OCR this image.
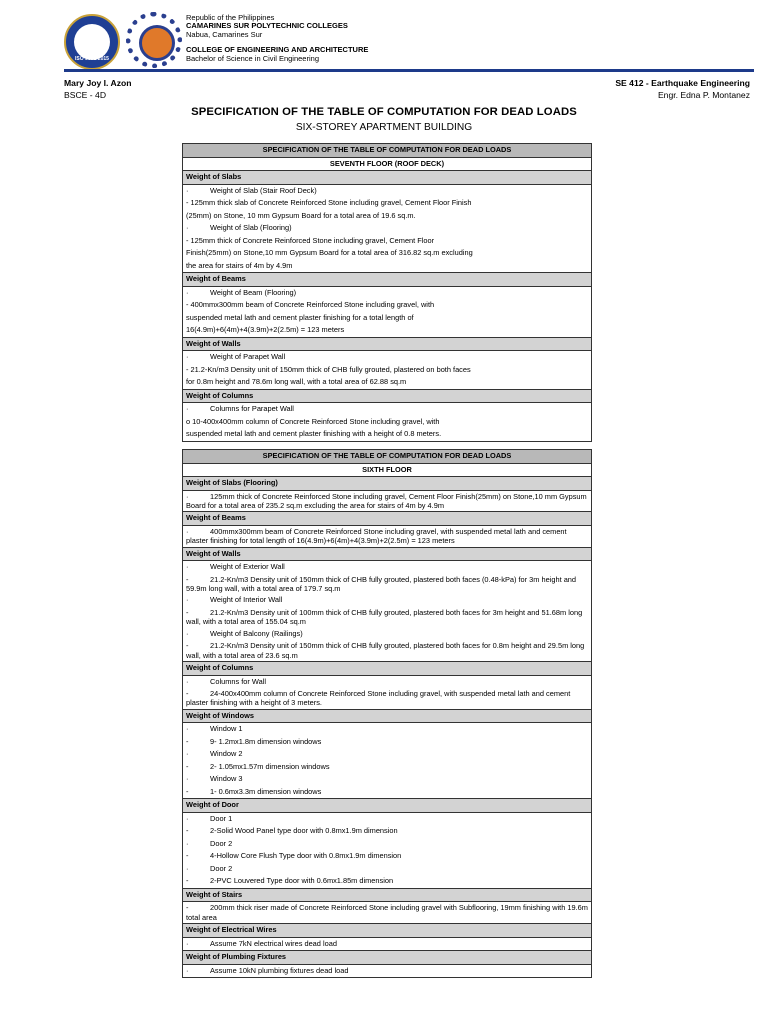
ISO 9001:2015
Republic of the Philippines
CAMARINES SUR POLYTECHNIC COLLEGES
Nabua, Camarines Sur
COLLEGE OF ENGINEERING AND ARCHITECTURE
Bachelor of Science in Civil Engineering
Mary Joy I. Azon
BSCE - 4D
SE 412 - Earthquake Engineering
Engr. Edna P. Montanez
SPECIFICATION OF THE TABLE OF COMPUTATION FOR DEAD LOADS
SIX-STOREY APARTMENT BUILDING
SPECIFICATION OF THE TABLE OF COMPUTATION FOR DEAD LOADS
SEVENTH FLOOR (ROOF DECK)
Weight of Slabs

·	Weight of Slab (Stair Roof Deck)
- 125mm thick slab of Concrete Reinforced Stone including gravel, Cement Floor Finish
(25mm) on Stone, 10 mm Gypsum Board for a total area of 19.6 sq.m.
·	Weight of Slab (Flooring)
- 125mm thick of Concrete Reinforced Stone including gravel, Cement Floor
Finish(25mm) on Stone,10 mm Gypsum Board for a total area of 316.82 sq.m excluding
the area for stairs of 4m by 4.9m

Weight of Beams

·	Weight of Beam (Flooring)
- 400mmx300mm beam of Concrete Reinforced Stone including gravel, with
suspended metal lath and cement plaster finishing for a total length of
16(4.9m)+6(4m)+4(3.9m)+2(2.5m) = 123 meters

Weight of Walls

·	Weight of Parapet Wall
- 21.2-Kn/m3 Density unit of 150mm thick of CHB fully grouted, plastered on both faces
for 0.8m height and 78.6m long wall, with a total area of 62.88 sq.m

Weight of Columns

·	Columns for Parapet Wall
o 10-400x400mm column of Concrete Reinforced Stone including gravel, with
suspended metal lath and cement plaster finishing with a height of 0.8 meters.
SPECIFICATION OF THE TABLE OF COMPUTATION FOR DEAD LOADS
SIXTH FLOOR
Weight of Slabs (Flooring)

·	125mm thick of Concrete Reinforced Stone including gravel, Cement Floor Finish(25mm) on Stone,10 mm Gypsum Board for a total area of 235.2 sq.m excluding the area for stairs of 4m by 4.9m

Weight of Beams

·	400mmx300mm beam of Concrete Reinforced Stone including gravel, with suspended metal lath and cement plaster finishing for total length of 16(4.9m)+6(4m)+4(3.9m)+2(2.5m) = 123 meters

Weight of Walls

·	Weight of Exterior Wall
-	21.2-Kn/m3 Density unit of 150mm thick of CHB fully grouted, plastered both faces (0.48-kPa) for 3m height and 59.9m long wall, with a total area of 179.7 sq.m
·	Weight of Interior Wall
-	21.2-Kn/m3 Density unit of 100mm thick of CHB fully grouted, plastered both faces for 3m height and 51.68m long wall, with a total area of 155.04 sq.m
·	Weight of Balcony (Railings)
-	21.2-Kn/m3 Density unit of 150mm thick of CHB fully grouted, plastered both faces for 0.8m height and 29.5m long wall, with a total area of 23.6 sq.m

Weight of Columns

·	Columns for Wall
-	24-400x400mm column of Concrete Reinforced Stone including gravel, with suspended metal lath and cement plaster finishing with a height of 3 meters.

Weight of Windows

·	Window 1
-	9- 1.2mx1.8m dimension windows
·	Window 2
-	2- 1.05mx1.57m dimension windows
·	Window 3
-	1- 0.6mx3.3m dimension windows

Weight of Door

·	Door 1
-	2-Solid Wood Panel type door with 0.8mx1.9m dimension
·	Door 2
-	4-Hollow Core Flush Type door with 0.8mx1.9m dimension
·	Door 2
-	2-PVC Louvered Type door with 0.6mx1.85m dimension

Weight of Stairs

-	200mm thick riser made of Concrete Reinforced Stone including gravel with Subflooring, 19mm finishing with 19.6m total area

Weight of Electrical Wires

·	Assume 7kN electrical wires dead load

Weight of Plumbing Fixtures

·	Assume 10kN plumbing fixtures dead load
